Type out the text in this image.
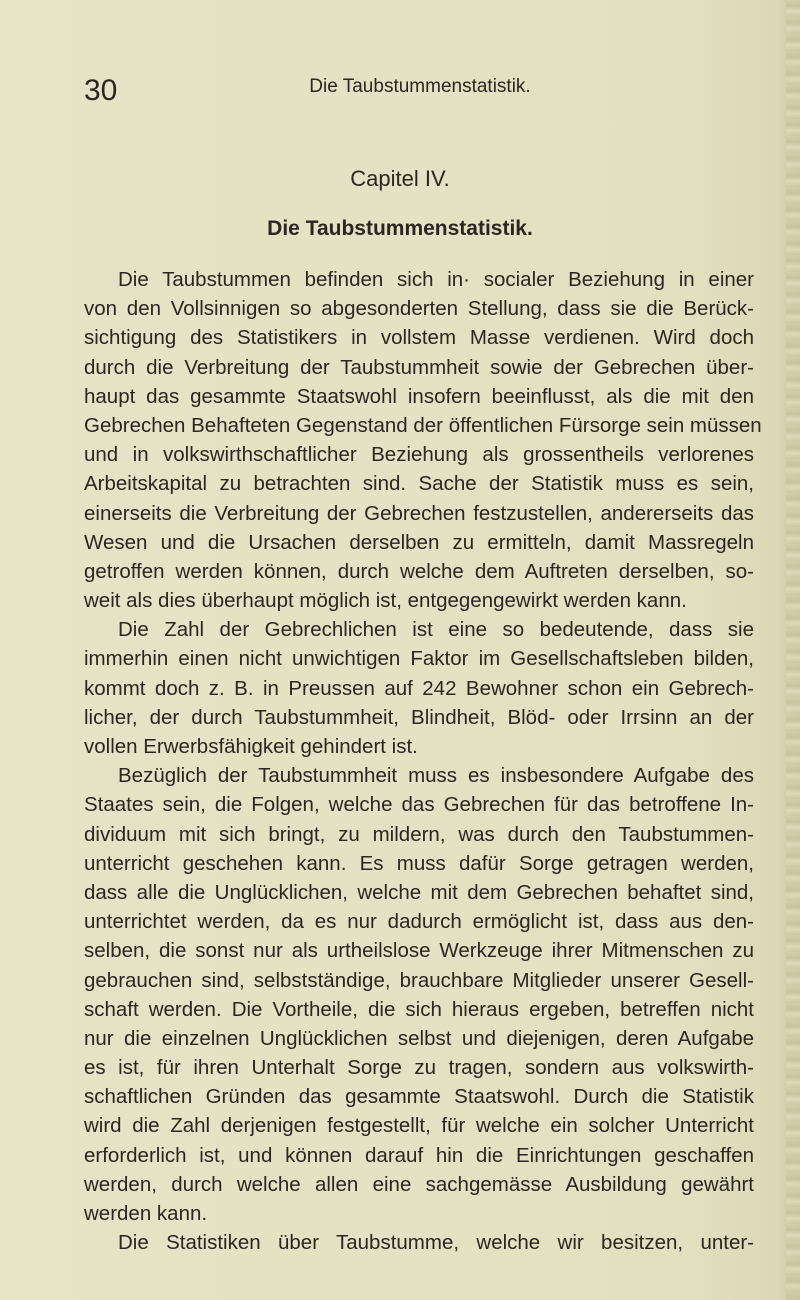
30	Die Taubstummenstatistik.
Capitel IV.
Die Taubstummenstatistik.
Die Taubstummen befinden sich in· socialer Beziehung in einer
von den Vollsinnigen so abgesonderten Stellung, dass sie die Berück-
sichtigung des Statistikers in vollstem Masse verdienen. Wird doch
durch die Verbreitung der Taubstummheit sowie der Gebrechen über-
haupt das gesammte Staatswohl insofern beeinflusst, als die mit den
Gebrechen Behafteten Gegenstand der öffentlichen Fürsorge sein müssen
und in volkswirthschaftlicher Beziehung als grossentheils verlorenes
Arbeitskapital zu betrachten sind. Sache der Statistik muss es sein,
einerseits die Verbreitung der Gebrechen festzustellen, andererseits das
Wesen und die Ursachen derselben zu ermitteln, damit Massregeln
getroffen werden können, durch welche dem Auftreten derselben, so-
weit als dies überhaupt möglich ist, entgegengewirkt werden kann.
Die Zahl der Gebrechlichen ist eine so bedeutende, dass sie
immerhin einen nicht unwichtigen Faktor im Gesellschaftsleben bilden,
kommt doch z. B. in Preussen auf 242 Bewohner schon ein Gebrech-
licher, der durch Taubstummheit, Blindheit, Blöd- oder Irrsinn an der
vollen Erwerbsfähigkeit gehindert ist.
Bezüglich der Taubstummheit muss es insbesondere Aufgabe des
Staates sein, die Folgen, welche das Gebrechen für das betroffene In-
dividuum mit sich bringt, zu mildern, was durch den Taubstummen-
unterricht geschehen kann. Es muss dafür Sorge getragen werden,
dass alle die Unglücklichen, welche mit dem Gebrechen behaftet sind,
unterrichtet werden, da es nur dadurch ermöglicht ist, dass aus den-
selben, die sonst nur als urtheilslose Werkzeuge ihrer Mitmenschen zu
gebrauchen sind, selbstständige, brauchbare Mitglieder unserer Gesell-
schaft werden. Die Vortheile, die sich hieraus ergeben, betreffen nicht
nur die einzelnen Unglücklichen selbst und diejenigen, deren Aufgabe
es ist, für ihren Unterhalt Sorge zu tragen, sondern aus volkswirth-
schaftlichen Gründen das gesammte Staatswohl. Durch die Statistik
wird die Zahl derjenigen festgestellt, für welche ein solcher Unterricht
erforderlich ist, und können darauf hin die Einrichtungen geschaffen
werden, durch welche allen eine sachgemässe Ausbildung gewährt
werden kann.
Die Statistiken über Taubstumme, welche wir besitzen, unter-
